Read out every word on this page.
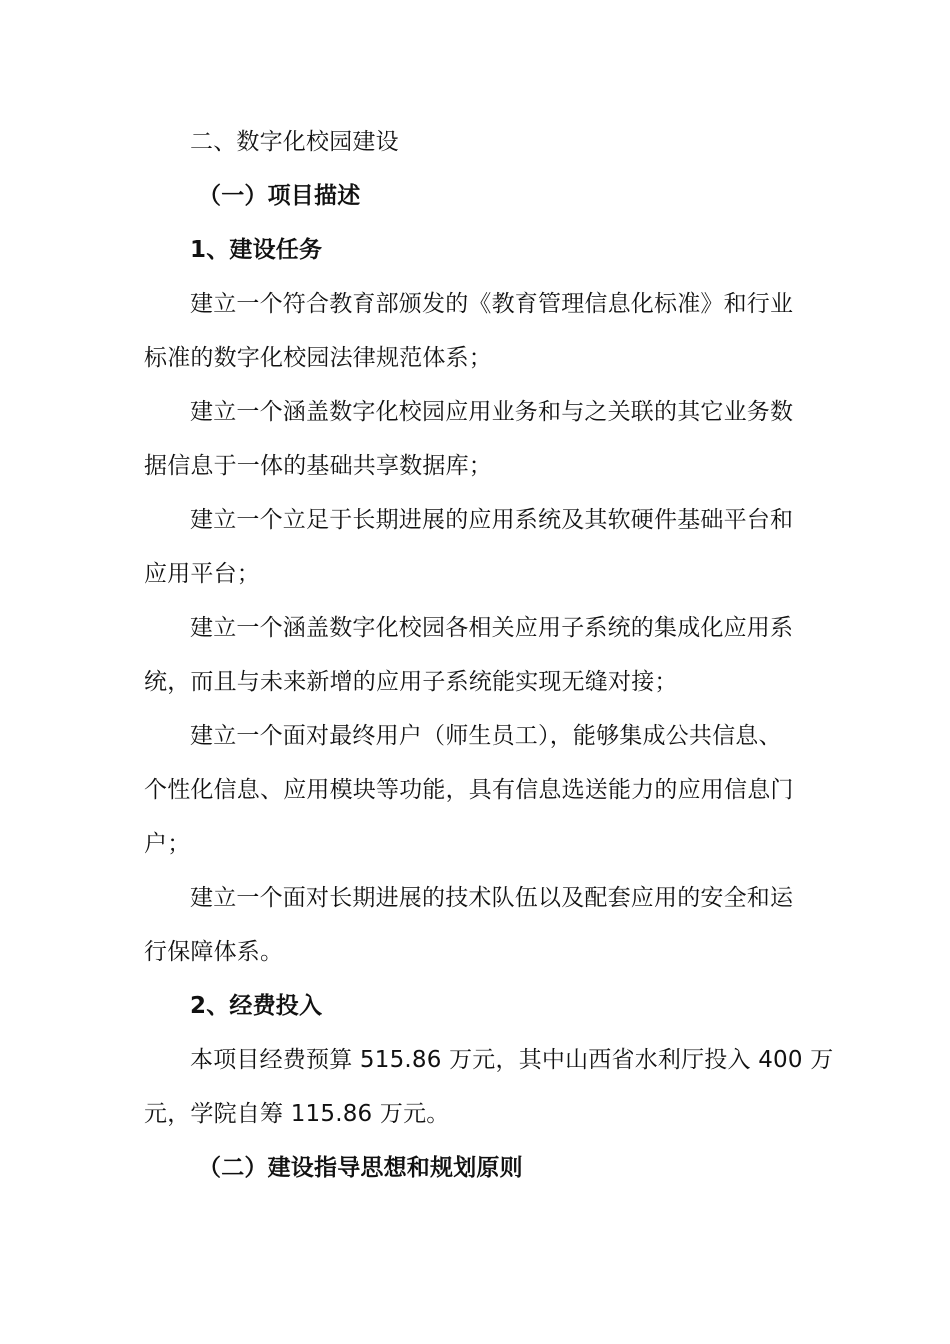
二、数字化校园建设
（一）项目描述
1、建设任务
建立一个符合教育部颁发的《教育管理信息化标准》和行业
标准的数字化校园法律规范体系；
建立一个涵盖数字化校园应用业务和与之关联的其它业务数
据信息于一体的基础共享数据库；
建立一个立足于长期进展的应用系统及其软硬件基础平台和
应用平台；
建立一个涵盖数字化校园各相关应用子系统的集成化应用系
统，而且与未来新增的应用子系统能实现无缝对接；
建立一个面对最终用户（师生员工），能够集成公共信息、
个性化信息、应用模块等功能，具有信息选送能力的应用信息门
户；
建立一个面对长期进展的技术队伍以及配套应用的安全和运
行保障体系。
2、经费投入
本项目经费预算 515.86 万元，其中山西省水利厅投入 400 万
元，学院自筹 115.86 万元。
（二）建设指导思想和规划原则
